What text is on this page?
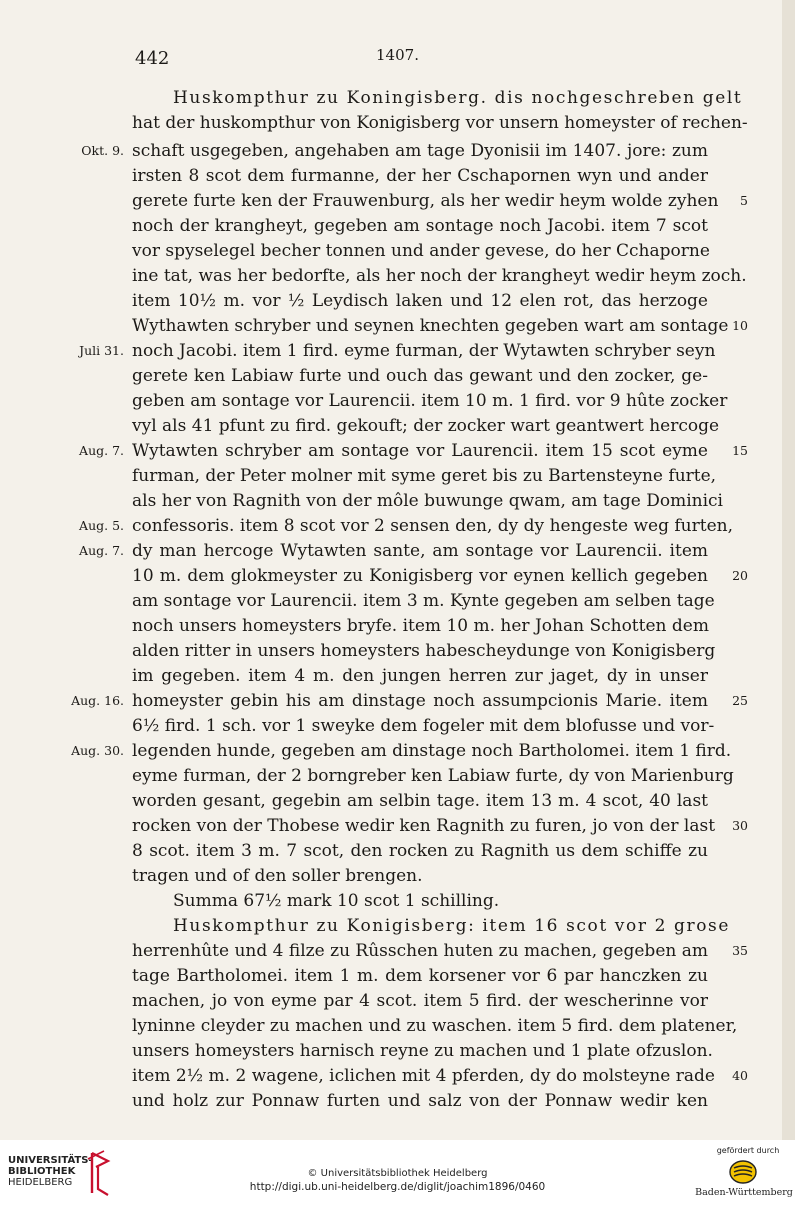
442	1407.
Huskompthur zu Koningisberg. dis nochgeschreben gelt
hat der huskompthur von Konigisberg vor unsern homeyster of rechen-
schaft usgegeben, angehaben am tage Dyonisii im 1407. jore: zum
irsten 8 scot dem furmanne, der her Cschapornen wyn und ander
gerete furte ken der Frauwenburg, als her wedir heym wolde zyhen
noch der krangheyt, gegeben am sontage noch Jacobi. item 7 scot
vor spyselegel becher tonnen und ander gevese, do her Cchaporne
ine tat, was her bedorfte, als her noch der krangheyt wedir heym zoch.
item 10½ m. vor ½ Leydisch laken und 12 elen rot, das herzoge
Wythawten schryber und seynen knechten gegeben wart am sontage
noch Jacobi. item 1 fird. eyme furman, der Wytawten schryber seyn
gerete ken Labiaw furte und ouch das gewant und den zocker, ge-
geben am sontage vor Laurencii. item 10 m. 1 fird. vor 9 hûte zocker
vyl als 41 pfunt zu fird. gekouft; der zocker wart geantwert hercoge
Wytawten schryber am sontage vor Laurencii. item 15 scot eyme
furman, der Peter molner mit syme geret bis zu Bartensteyne furte,
als her von Ragnith von der môle buwunge qwam, am tage Dominici
confessoris. item 8 scot vor 2 sensen den, dy dy hengeste weg furten,
dy man hercoge Wytawten sante, am sontage vor Laurencii. item
10 m. dem glokmeyster zu Konigisberg vor eynen kellich gegeben
am sontage vor Laurencii. item 3 m. Kynte gegeben am selben tage
noch unsers homeysters bryfe. item 10 m. her Johan Schotten dem
alden ritter in unsers homeysters habescheydunge von Konigisberg
im gegeben. item 4 m. den jungen herren zur jaget, dy in unser
homeyster gebin his am dinstage noch assumpcionis Marie. item
6½ fird. 1 sch. vor 1 sweyke dem fogeler mit dem blofusse und vor-
legenden hunde, gegeben am dinstage noch Bartholomei. item 1 fird.
eyme furman, der 2 borngreber ken Labiaw furte, dy von Marienburg
worden gesant, gegebin am selbin tage. item 13 m. 4 scot, 40 last
rocken von der Thobese wedir ken Ragnith zu furen, jo von der last
8 scot. item 3 m. 7 scot, den rocken zu Ragnith us dem schiffe zu
tragen und of den soller brengen.
Summa 67½ mark 10 scot 1 schilling.
Huskompthur zu Konigisberg: item 16 scot vor 2 grose
herrenhûte und 4 filze zu Rûsschen huten zu machen, gegeben am
tage Bartholomei. item 1 m. dem korsener vor 6 par hanczken zu
machen, jo von eyme par 4 scot. item 5 fird. der wescherinne vor
lyninne cleyder zu machen und zu waschen. item 5 fird. dem platener,
unsers homeysters harnisch reyne zu machen und 1 plate ofzuslon.
item 2½ m. 2 wagene, iclichen mit 4 pferden, dy do molsteyne rade
und holz zur Ponnaw furten und salz von der Ponnaw wedir ken
Okt. 9.
Juli 31.
Aug. 7.
Aug. 5.
Aug. 7.
Aug. 16.
Aug. 30.
5
10
15
20
25
30
35
40
UNIVERSITÄTS-
BIBLIOTHEK
HEIDELBERG
© Universitätsbibliothek Heidelberg
http://digi.ub.uni-heidelberg.de/diglit/joachim1896/0460
gefördert durch
Baden-Württemberg
